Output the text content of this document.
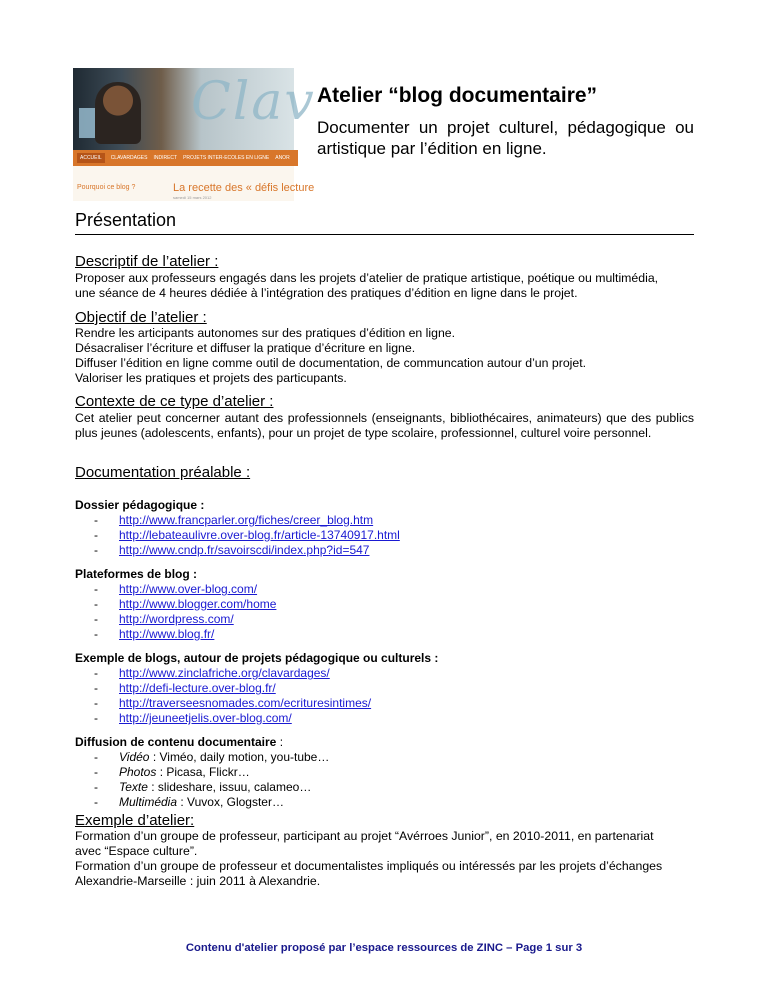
Clav
ACCUEIL	CLAVARDAGES INDIRECT PROJETS INTER-ECOLES EN LIGNE ANOR
Pourquoi ce blog ?	La recette des « défis lecture
samedi 15 mars 2012
Atelier “blog documentaire”
Documenter un projet culturel, pédagogique ou artistique par l’édition en ligne.
Présentation
Descriptif de l’atelier :
Proposer aux professeurs engagés dans les projets d’atelier de pratique artistique, poétique ou multimédia,
une séance de 4 heures dédiée à l’intégration des pratiques d’édition en ligne dans le projet.
Objectif de l’atelier :
Rendre les articipants autonomes sur des pratiques d’édition en ligne.
Désacraliser l’écriture et diffuser la pratique d’écriture en ligne.
Diffuser l’édition en ligne comme outil de documentation, de communcation autour d’un projet.
Valoriser les pratiques et projets des particupants.
Contexte de ce type d’atelier :
Cet atelier peut concerner autant des professionnels (enseignants, bibliothécaires, animateurs) que des publics plus jeunes (adolescents, enfants), pour un projet de type scolaire, professionnel, culturel voire personnel.
Documentation préalable :
Dossier pédagogique :
- http://www.francparler.org/fiches/creer_blog.htm
- http://lebateaulivre.over-blog.fr/article-13740917.html
- http://www.cndp.fr/savoirscdi/index.php?id=547
Plateformes de blog :
- http://www.over-blog.com/
- http://www.blogger.com/home
- http://wordpress.com/
- http://www.blog.fr/
Exemple de blogs, autour de projets pédagogique ou culturels :
- http://www.zinclafriche.org/clavardages/
- http://defi-lecture.over-blog.fr/
- http://traverseesnomades.com/ecrituresintimes/
- http://jeuneetjelis.over-blog.com/
Diffusion de contenu documentaire :
- Vidéo : Viméo, daily motion, you-tube…
- Photos : Picasa, Flickr…
- Texte : slideshare, issuu, calameo…
- Multimédia : Vuvox, Glogster…
Exemple d’atelier:
Formation d’un groupe de professeur, participant au projet “Avérroes Junior”, en 2010-2011, en partenariat
avec “Espace culture”.
Formation d’un groupe de professeur et documentalistes impliqués ou intéressés par les projets d’échanges
Alexandrie-Marseille : juin 2011 à Alexandrie.
Contenu d'atelier proposé par l’espace ressources de ZINC – Page 1 sur 3
